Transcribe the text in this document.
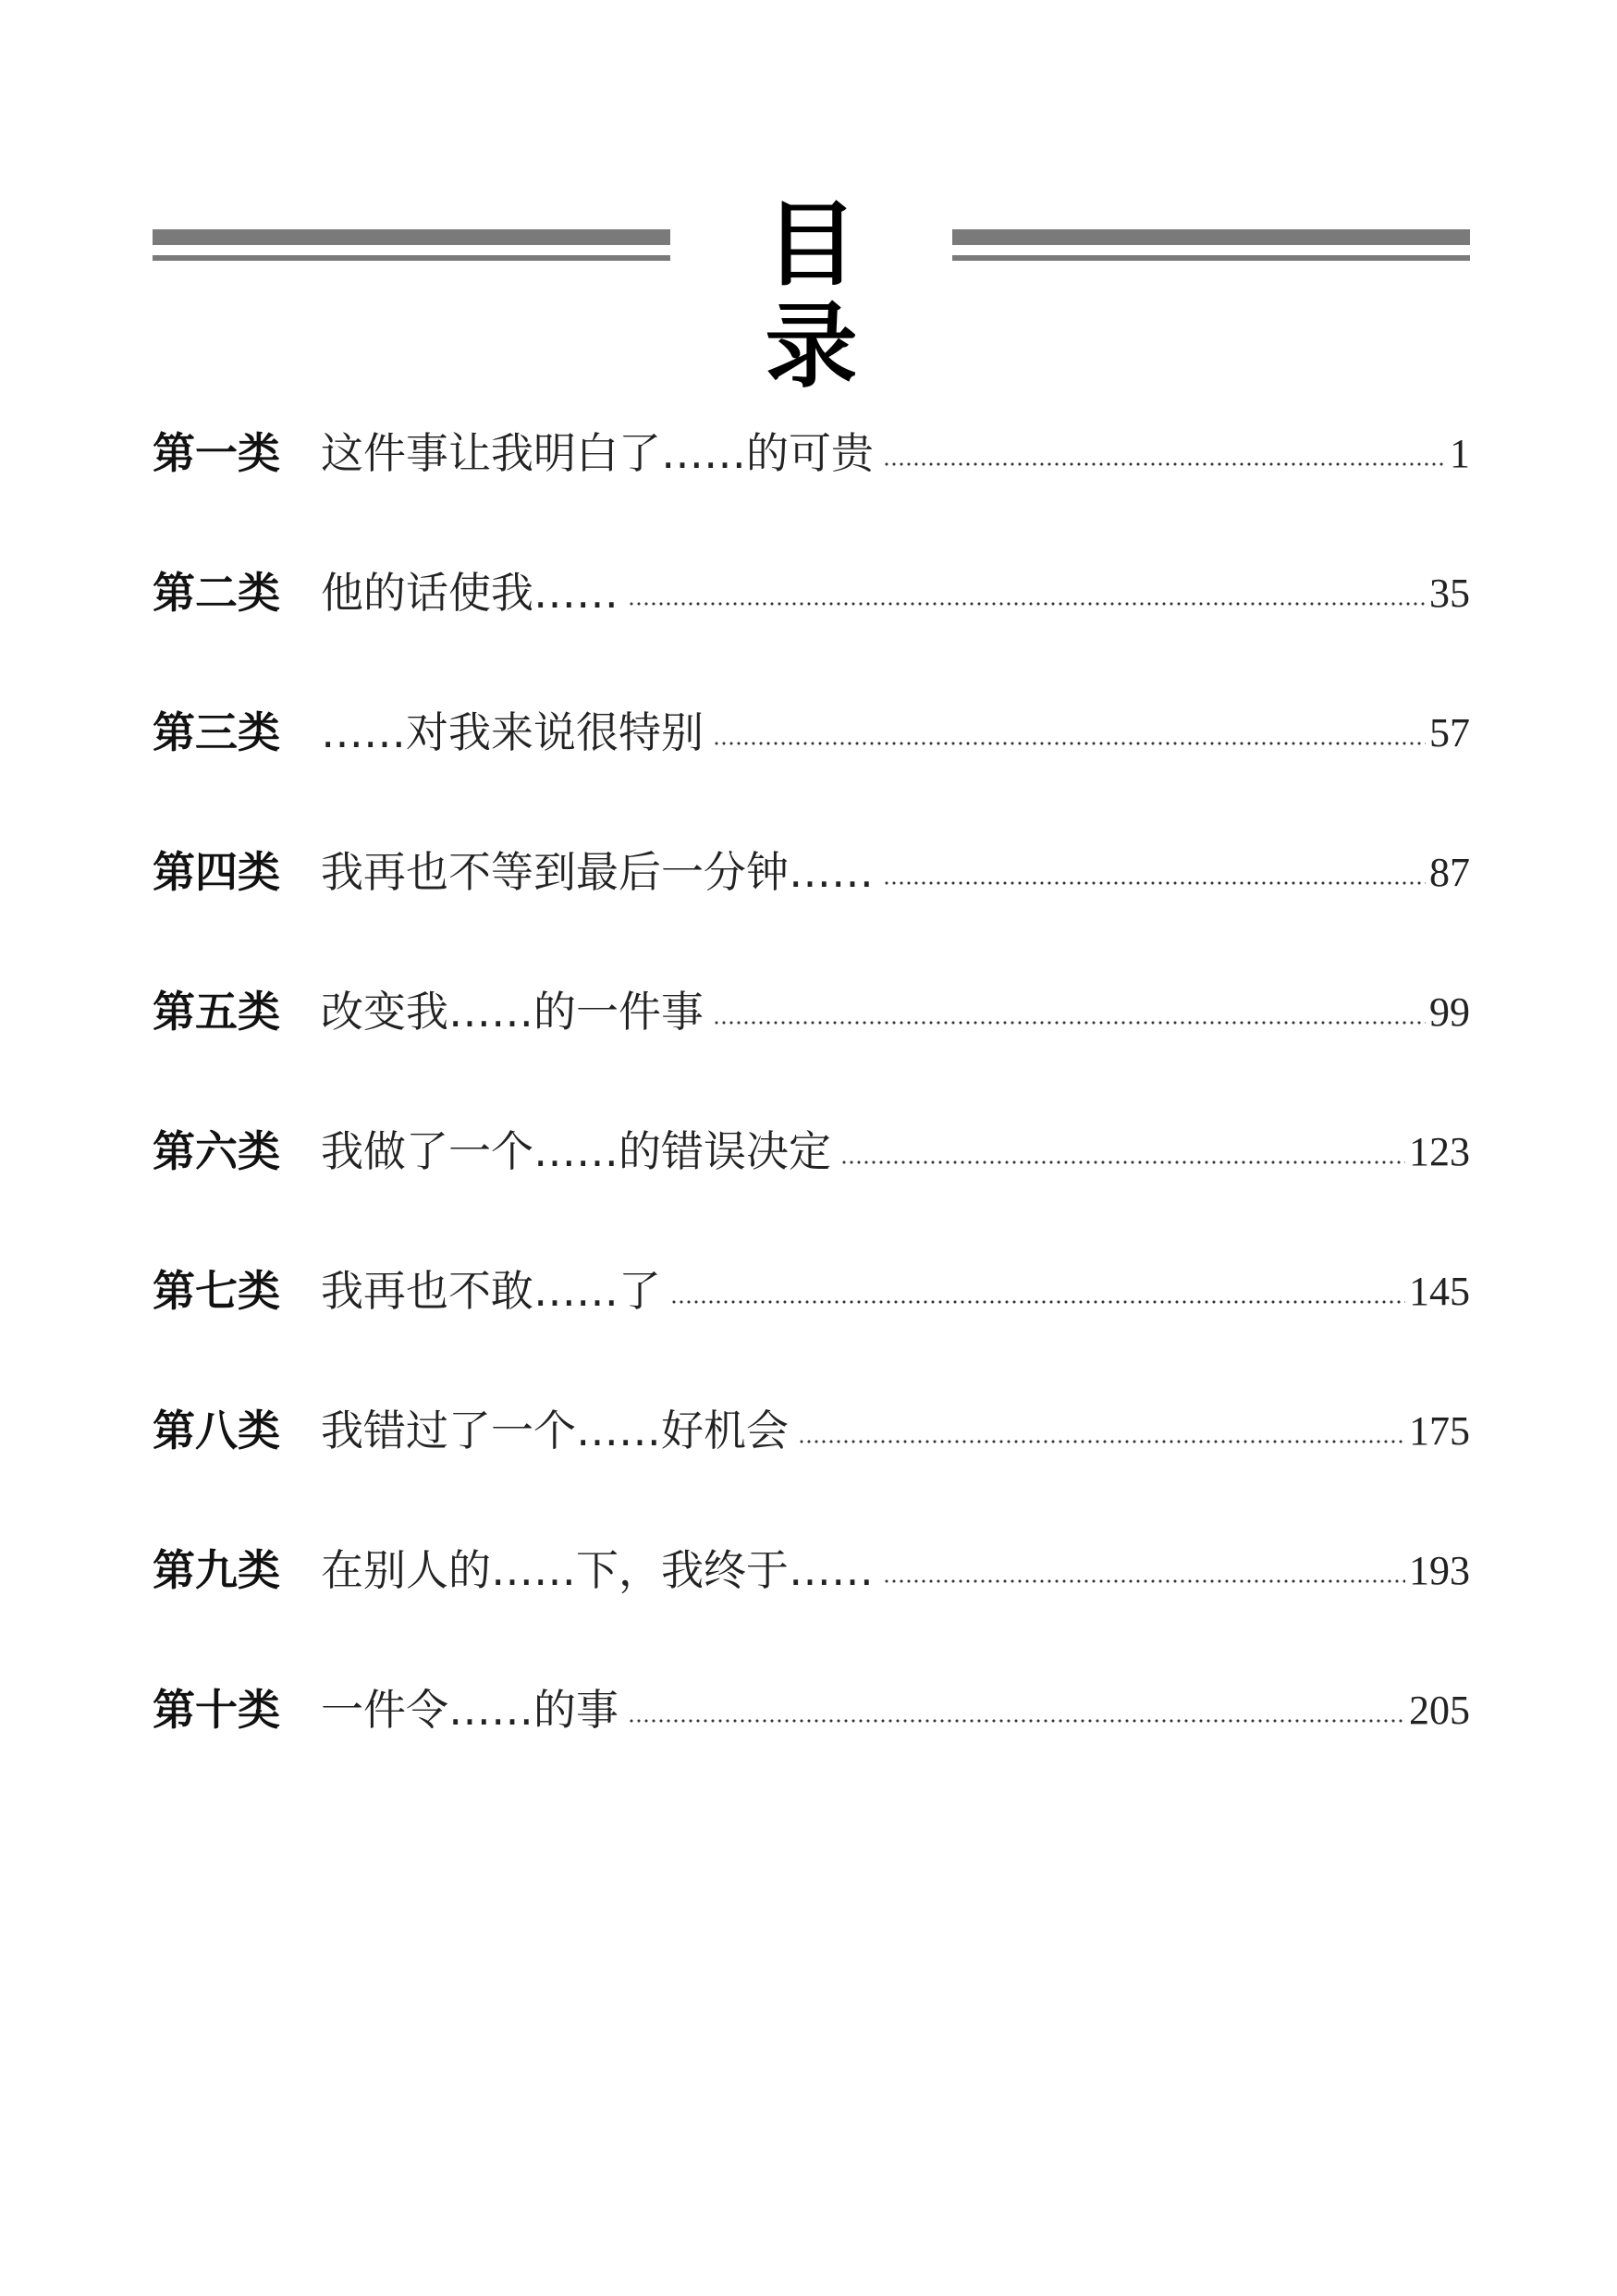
目 录
第一类 这件事让我明白了……的可贵	1
第二类 他的话使我……	35
第三类 ……对我来说很特别	57
第四类 我再也不等到最后一分钟……	87
第五类 改变我……的一件事	99
第六类 我做了一个……的错误决定	123
第七类 我再也不敢……了	145
第八类 我错过了一个……好机会	175
第九类 在别人的……下，我终于……	193
第十类 一件令……的事	205
